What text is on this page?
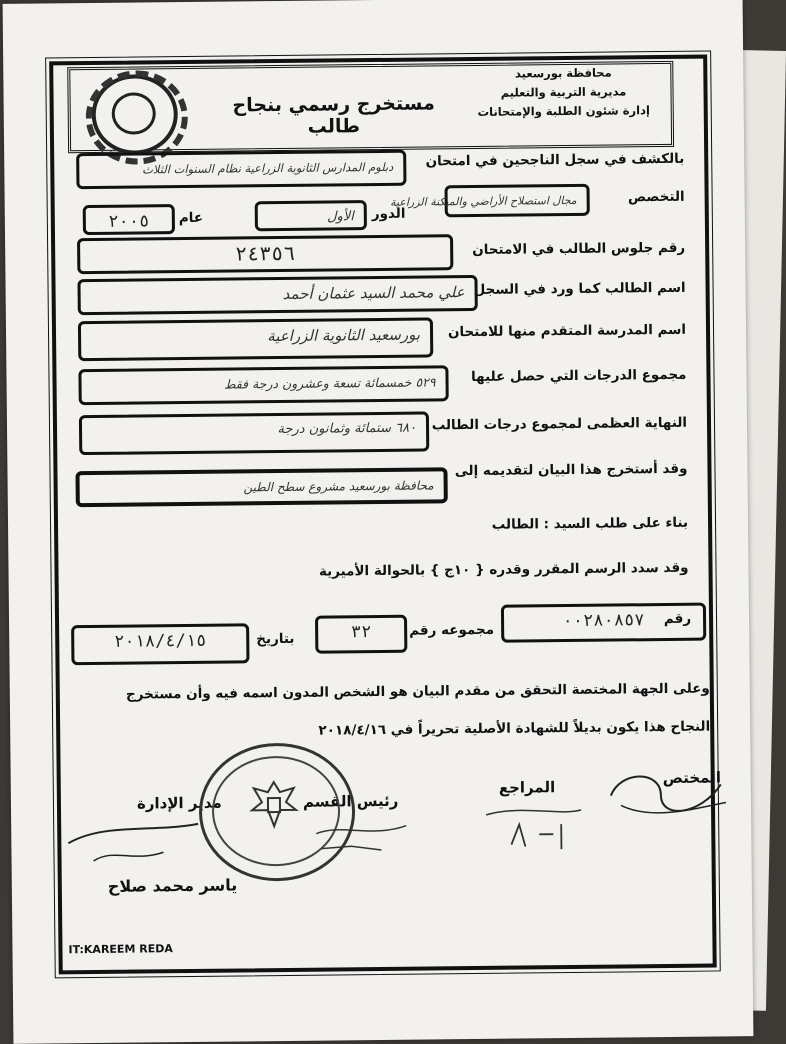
مستخرج رسمي بنجاح طالب
محافظة بورسعيد
مديرية التربية والتعليم
إدارة شئون الطلبة والإمتحانات
بالكشف في سجل الناجحين في امتحان
دبلوم المدارس الثانوية الزراعية نظام السنوات الثلاث
التخصص
مجال استصلاح الأراضي والميكنة الزراعية
الدور
الأول
عام
٢٠٠٥
رقم جلوس الطالب في الامتحان
٢٤٣٥٦
اسم الطالب كما ورد في السجل
علي محمد السيد عثمان أحمد
اسم المدرسة المتقدم منها للامتحان
بورسعيد الثانوية الزراعية
مجموع الدرجات التي حصل عليها
٥٢٩ خمسمائة تسعة وعشرون درجة فقط
النهاية العظمى لمجموع درجات الطالب
٦٨٠ ستمائة وثمانون درجة
وقد أستخرج هذا البيان لتقديمه إلى
محافظة بورسعيد مشروع سطح الطين
بناء على طلب السيد : الطالب
وقد سدد الرسم المقرر وقدره { ١٠ج } بالحوالة الأميرية
رقم
٠٠٢٨٠٨٥٧
مجموعه رقم
٣٢
بتاريخ
٢٠١٨/٤/١٥
وعلى الجهة المختصة التحقق من مقدم البيان هو الشخص المدون اسمه فيه وأن مستخرج
النجاح هذا يكون بديلاً للشهادة الأصلية تحريراً في ٢٠١٨/٤/١٦
المختص
المراجع
رئيس القسم
مدير الإدارة
ياسر محمد صلاح
IT:KAREEM REDA
